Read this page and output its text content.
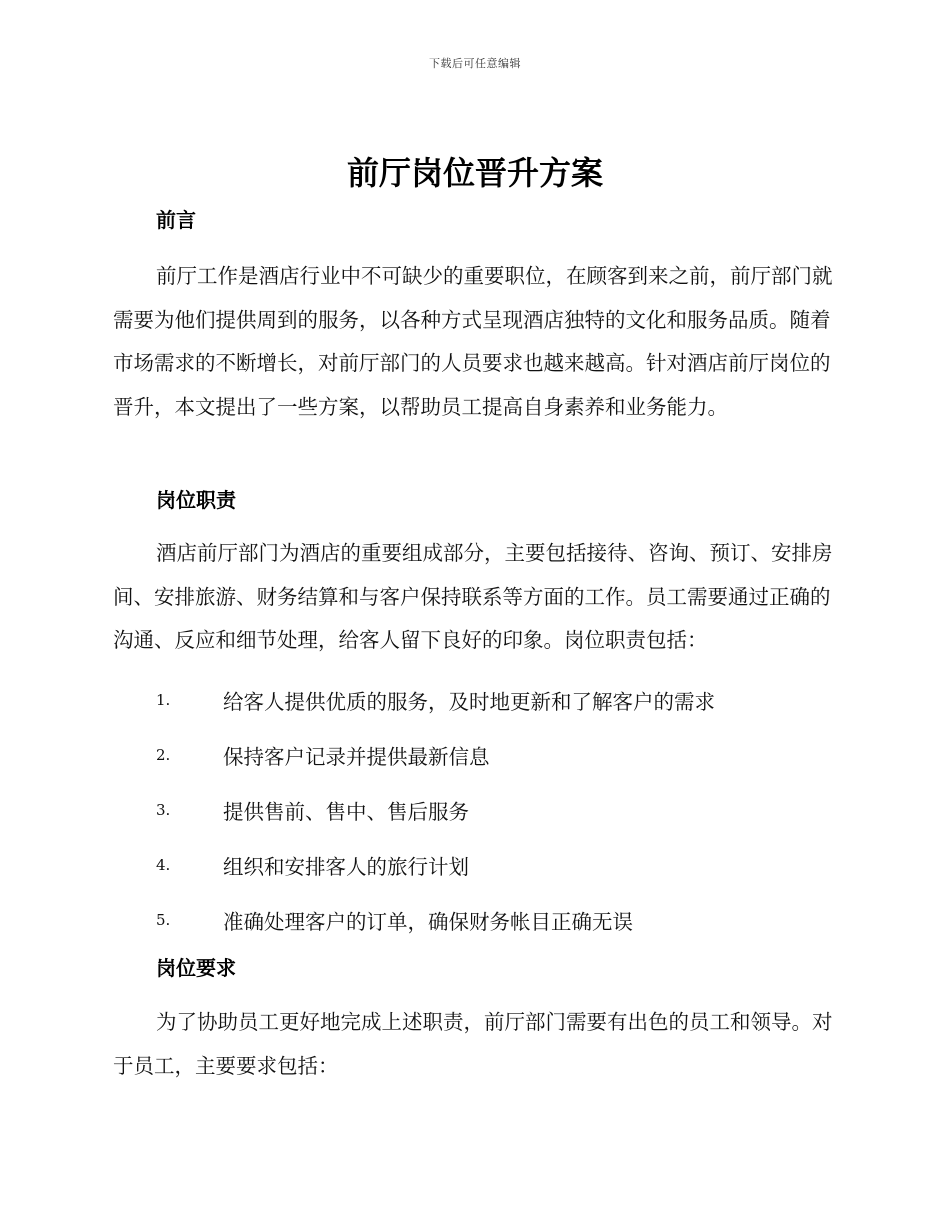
下载后可任意编辑
前厅岗位晋升方案
前言

前厅工作是酒店行业中不可缺少的重要职位，在顾客到来之前，前厅部门就需要为他们提供周到的服务，以各种方式呈现酒店独特的文化和服务品质。随着市场需求的不断增长，对前厅部门的人员要求也越来越高。针对酒店前厅岗位的晋升，本文提出了一些方案，以帮助员工提高自身素养和业务能力。

岗位职责

酒店前厅部门为酒店的重要组成部分，主要包括接待、咨询、预订、安排房间、安排旅游、财务结算和与客户保持联系等方面的工作。员工需要通过正确的沟通、反应和细节处理，给客人留下良好的印象。岗位职责包括：

1.	给客人提供优质的服务，及时地更新和了解客户的需求
2.	保持客户记录并提供最新信息
3.	提供售前、售中、售后服务
4.	组织和安排客人的旅行计划
5.	准确处理客户的订单，确保财务帐目正确无误
岗位要求

为了协助员工更好地完成上述职责，前厅部门需要有出色的员工和领导。对于员工，主要要求包括：
